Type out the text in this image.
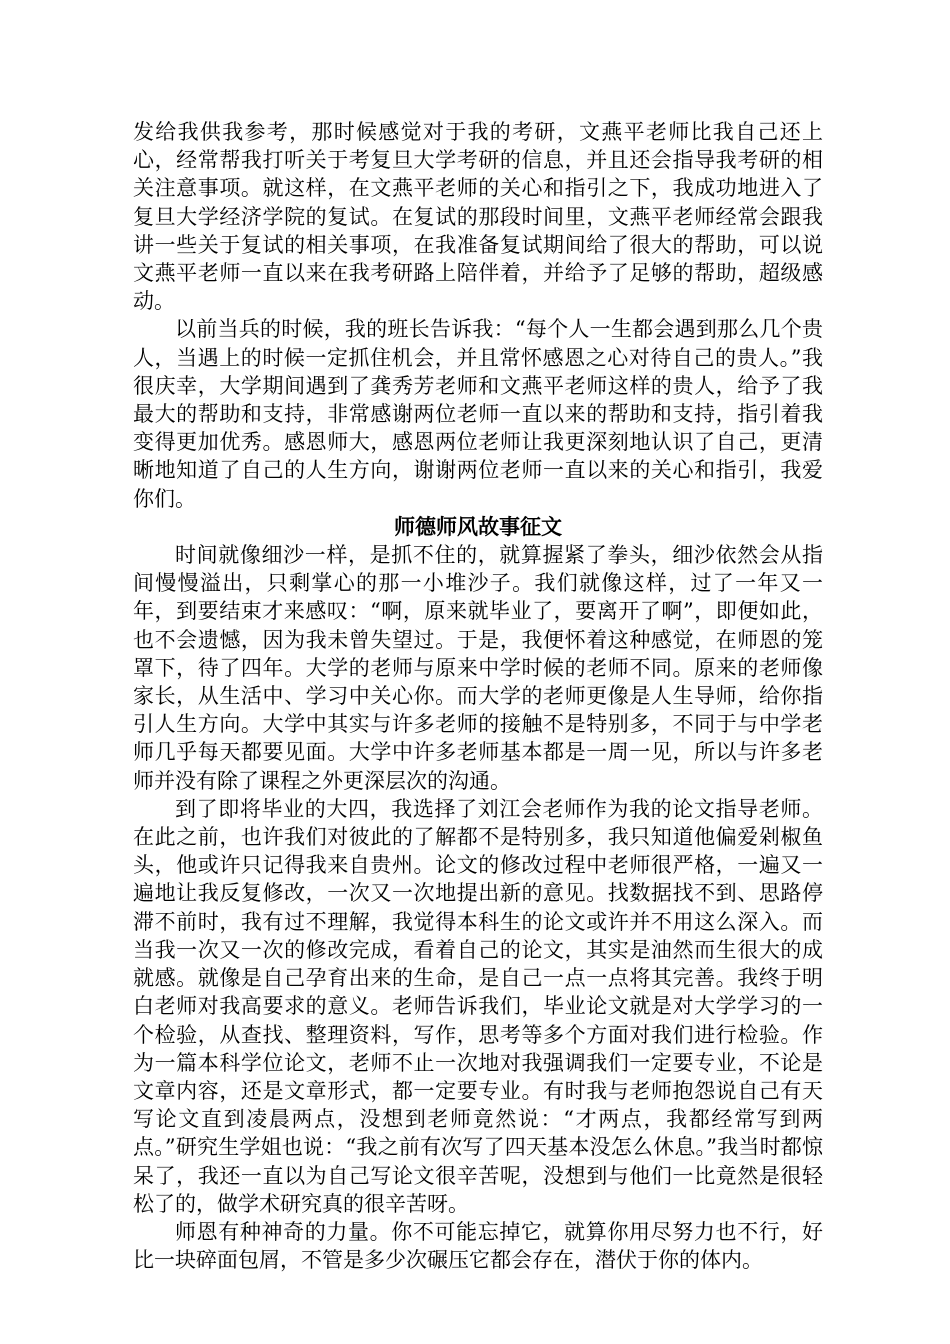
发给我供我参考，那时候感觉对于我的考研，文燕平老师比我自己还上心，经常帮我打听关于考复旦大学考研的信息，并且还会指导我考研的相关注意事项。就这样，在文燕平老师的关心和指引之下，我成功地进入了复旦大学经济学院的复试。在复试的那段时间里，文燕平老师经常会跟我讲一些关于复试的相关事项，在我准备复试期间给了很大的帮助，可以说文燕平老师一直以来在我考研路上陪伴着，并给予了足够的帮助，超级感动。

以前当兵的时候，我的班长告诉我：“每个人一生都会遇到那么几个贵人，当遇上的时候一定抓住机会，并且常怀感恩之心对待自己的贵人。”我很庆幸，大学期间遇到了龚秀芳老师和文燕平老师这样的贵人，给予了我最大的帮助和支持，非常感谢两位老师一直以来的帮助和支持，指引着我变得更加优秀。感恩师大，感恩两位老师让我更深刻地认识了自己，更清晰地知道了自己的人生方向，谢谢两位老师一直以来的关心和指引，我爱你们。

师德师风故事征文

时间就像细沙一样，是抓不住的，就算握紧了拳头，细沙依然会从指间慢慢溢出，只剩掌心的那一小堆沙子。我们就像这样，过了一年又一年，到要结束才来感叹：“啊，原来就毕业了，要离开了啊”，即便如此，也不会遗憾，因为我未曾失望过。于是，我便怀着这种感觉，在师恩的笼罩下，待了四年。大学的老师与原来中学时候的老师不同。原来的老师像家长，从生活中、学习中关心你。而大学的老师更像是人生导师，给你指引人生方向。大学中其实与许多老师的接触不是特别多，不同于与中学老师几乎每天都要见面。大学中许多老师基本都是一周一见，所以与许多老师并没有除了课程之外更深层次的沟通。

到了即将毕业的大四，我选择了刘江会老师作为我的论文指导老师。在此之前，也许我们对彼此的了解都不是特别多，我只知道他偏爱剁椒鱼头，他或许只记得我来自贵州。论文的修改过程中老师很严格，一遍又一遍地让我反复修改，一次又一次地提出新的意见。找数据找不到、思路停滞不前时，我有过不理解，我觉得本科生的论文或许并不用这么深入。而当我一次又一次的修改完成，看着自己的论文，其实是油然而生很大的成就感。就像是自己孕育出来的生命，是自己一点一点将其完善。我终于明白老师对我高要求的意义。老师告诉我们，毕业论文就是对大学学习的一个检验，从查找、整理资料，写作，思考等多个方面对我们进行检验。作为一篇本科学位论文，老师不止一次地对我强调我们一定要专业，不论是文章内容，还是文章形式，都一定要专业。有时我与老师抱怨说自己有天写论文直到凌晨两点，没想到老师竟然说：“才两点，我都经常写到两点。”研究生学姐也说：“我之前有次写了四天基本没怎么休息。”我当时都惊呆了，我还一直以为自己写论文很辛苦呢，没想到与他们一比竟然是很轻松了的，做学术研究真的很辛苦呀。

师恩有种神奇的力量。你不可能忘掉它，就算你用尽努力也不行，好比一块碎面包屑，不管是多少次碾压它都会存在，潜伏于你的体内。
